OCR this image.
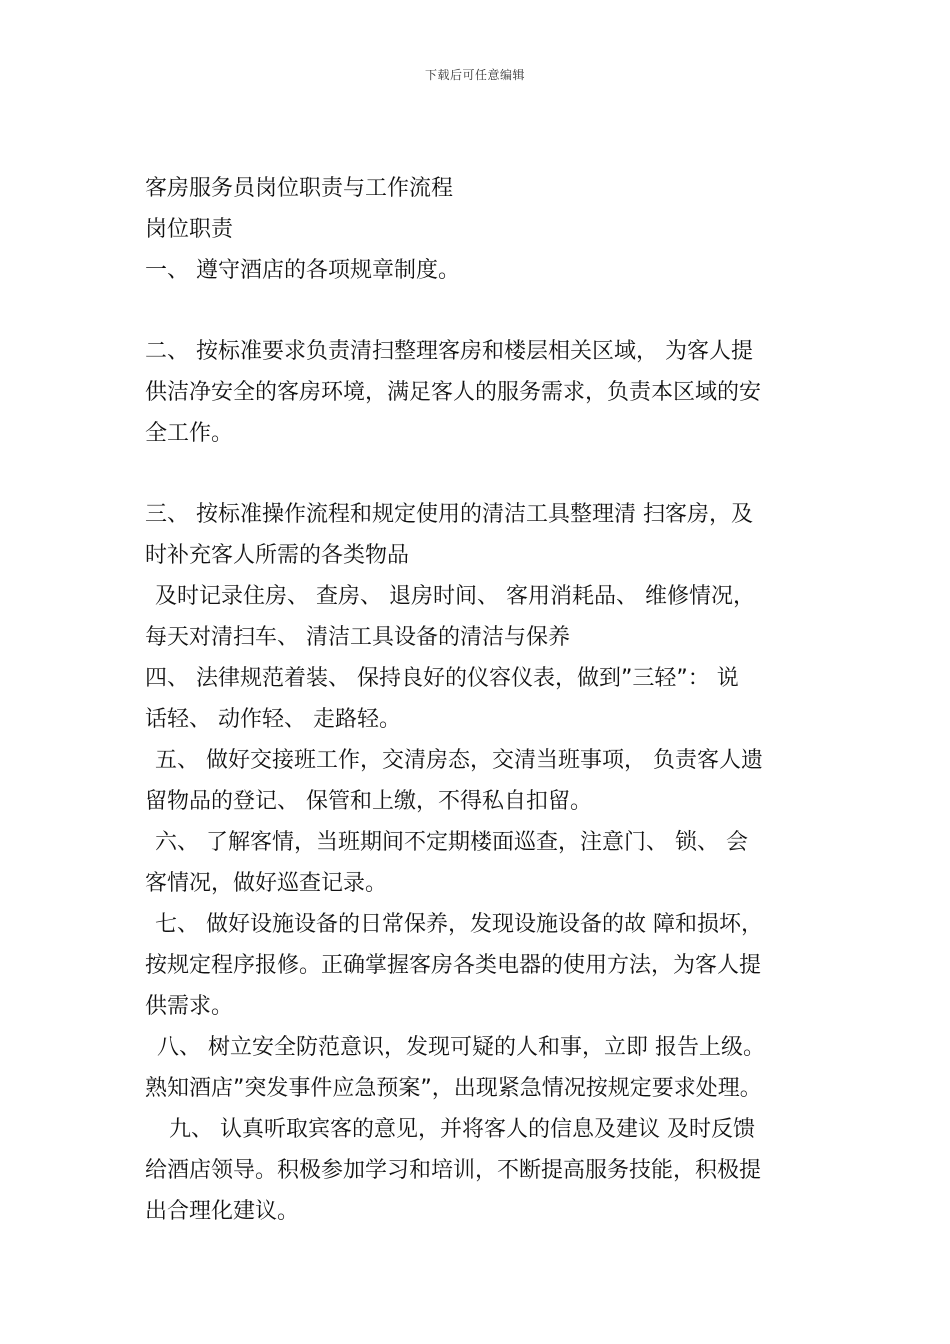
下载后可任意编辑
客房服务员岗位职责与工作流程
岗位职责
一、 遵守酒店的各项规章制度。
二、 按标准要求负责清扫整理客房和楼层相关区域， 为客人提
供洁净安全的客房环境，满足客人的服务需求，负责本区域的安
全工作。
三、 按标准操作流程和规定使用的清洁工具整理清 扫客房，及
时补充客人所需的各类物品
及时记录住房、 查房、 退房时间、 客用消耗品、 维修情况，
每天对清扫车、 清洁工具设备的清洁与保养
四、 法律规范着装、 保持良好的仪容仪表，做到”三轻”： 说
话轻、 动作轻、 走路轻。
五、 做好交接班工作，交清房态，交清当班事项， 负责客人遗
留物品的登记、 保管和上缴，不得私自扣留。
六、 了解客情，当班期间不定期楼面巡查，注意门、 锁、 会
客情况，做好巡查记录。
七、 做好设施设备的日常保养，发现设施设备的故 障和损坏，
按规定程序报修。正确掌握客房各类电器的使用方法，为客人提
供需求。
八、 树立安全防范意识，发现可疑的人和事，立即 报告上级。
熟知酒店”突发事件应急预案”，出现紧急情况按规定要求处理。
九、 认真听取宾客的意见，并将客人的信息及建议 及时反馈
给酒店领导。积极参加学习和培训，不断提高服务技能，积极提
出合理化建议。
